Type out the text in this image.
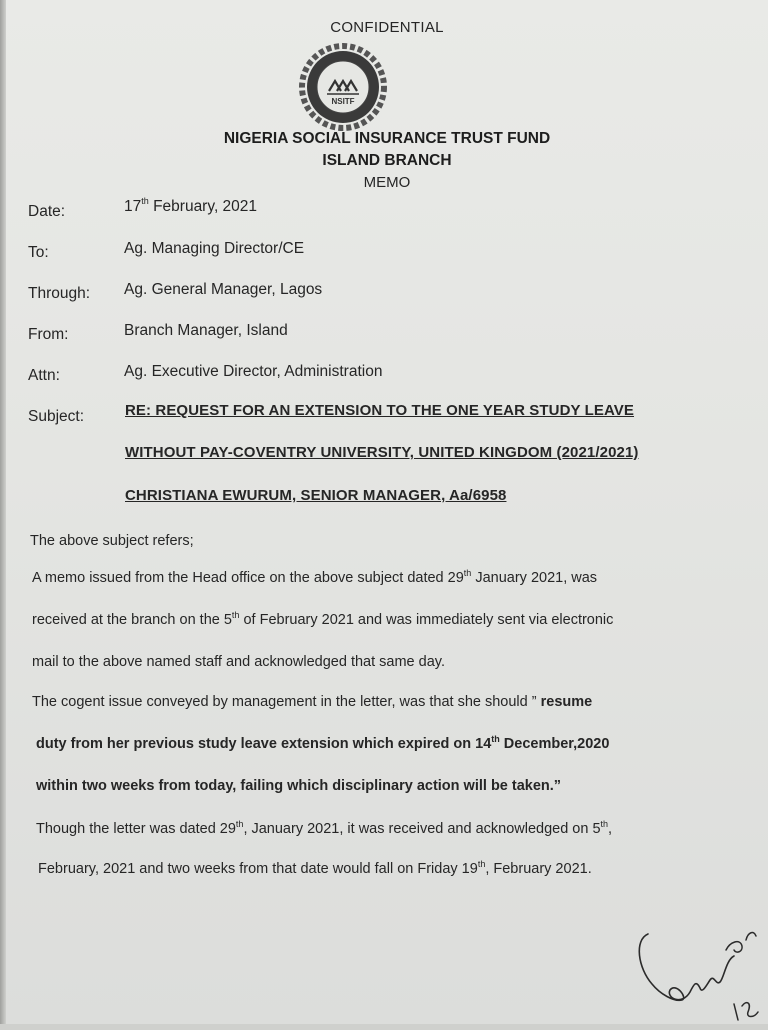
CONFIDENTIAL
NSITF
NIGERIA SOCIAL INSURANCE TRUST FUND
ISLAND BRANCH
MEMO
Date:	17th February, 2021
To:	Ag. Managing Director/CE
Through: Ag. General Manager, Lagos
From:	Branch Manager, Island
Attn:	Ag. Executive Director, Administration
Subject:	RE: REQUEST FOR AN EXTENSION TO THE ONE YEAR STUDY LEAVE
WITHOUT PAY-COVENTRY UNIVERSITY, UNITED KINGDOM (2021/2021)
CHRISTIANA EWURUM, SENIOR MANAGER, Aa/6958
The above subject refers;
A memo issued from the Head office on the above subject dated 29th January 2021, was
received at the branch on the 5th of February 2021 and was immediately sent via electronic
mail to the above named staff and acknowledged that same day.
The cogent issue conveyed by management in the letter, was that she should ” resume
duty from her previous study leave extension which expired on 14th December,2020
within two weeks from today, failing which disciplinary action will be taken.”
Though the letter was dated 29th, January 2021, it was received and acknowledged on 5th,
February, 2021 and two weeks from that date would fall on Friday 19th, February 2021.
